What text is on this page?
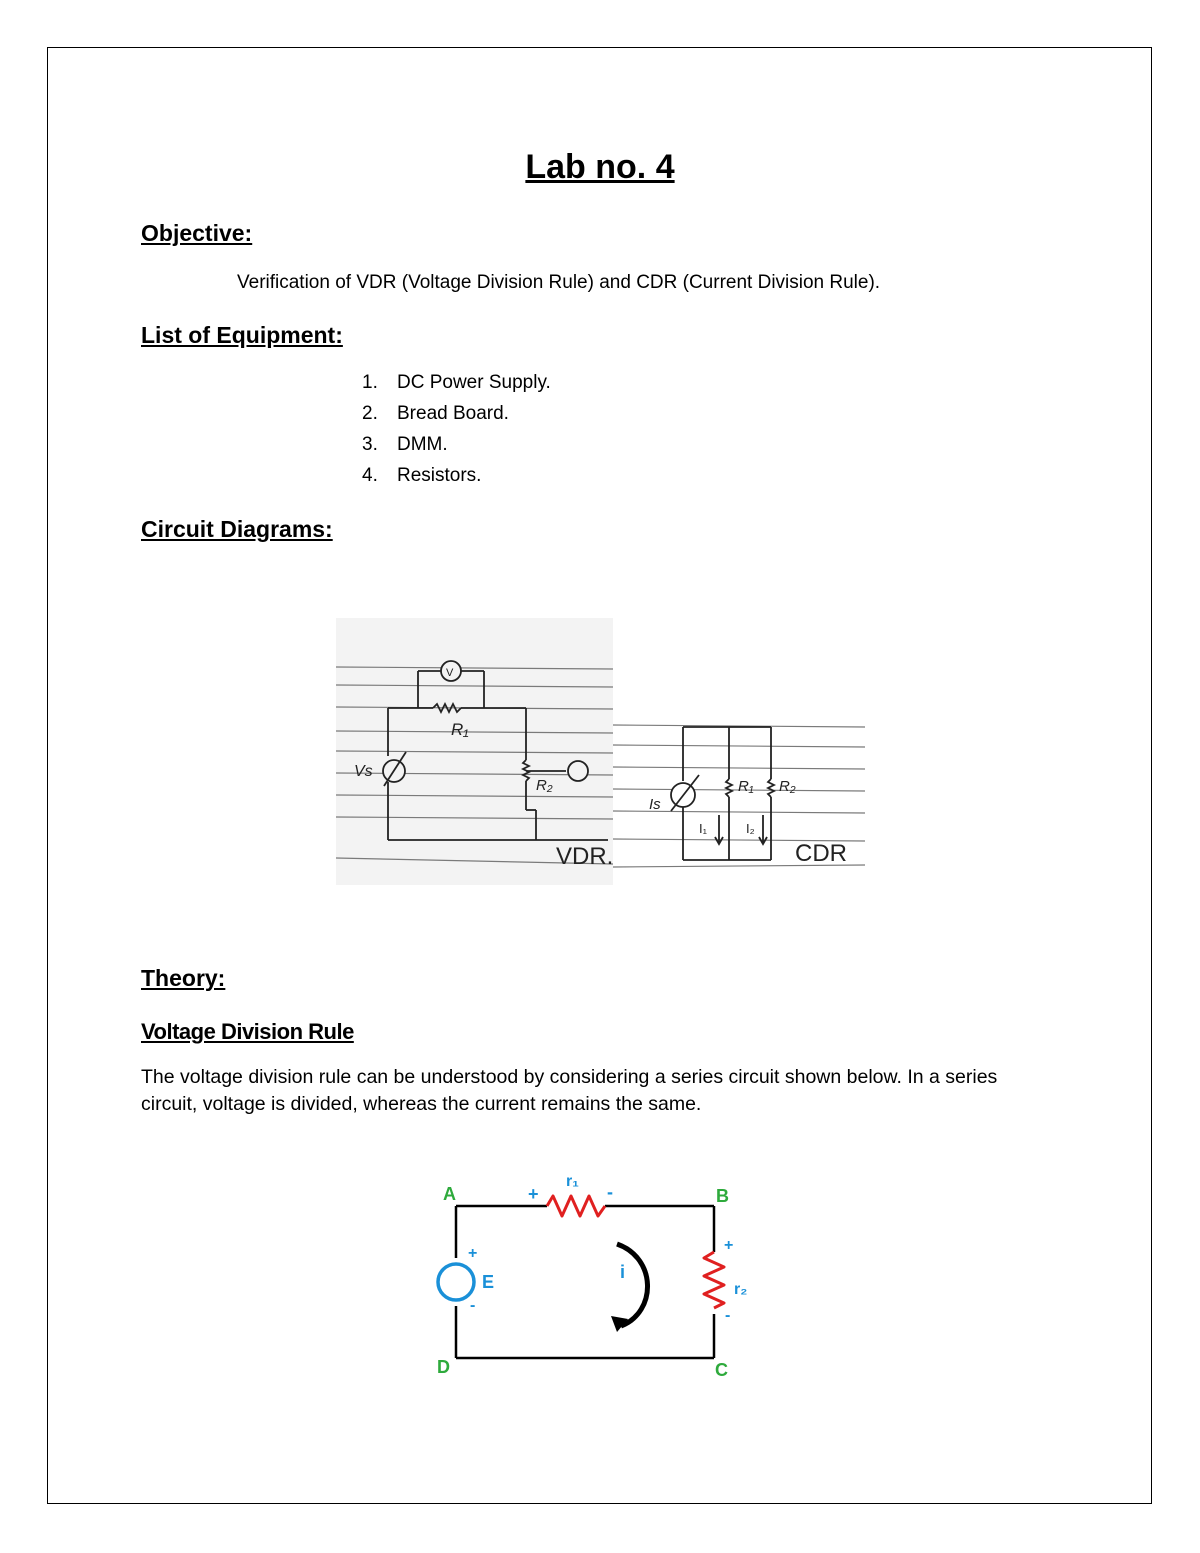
Lab no. 4
Objective:

Verification of VDR (Voltage Division Rule) and CDR (Current Division Rule).

List of Equipment:
1. DC Power Supply.
2. Bread Board.
3. DMM.
4. Resistors.
Circuit Diagrams:
V
R₁
Vs
R₂
VDR.
Is
R₁ R₂
I₁	I₂
CDR
Theory:
Voltage Division Rule

The voltage division rule can be understood by considering a series circuit shown below. In a series circuit, voltage is divided, whereas the current remains the same.

A	B
C
D
+	-
r₁
+
E
-
i
+
r₂
-
